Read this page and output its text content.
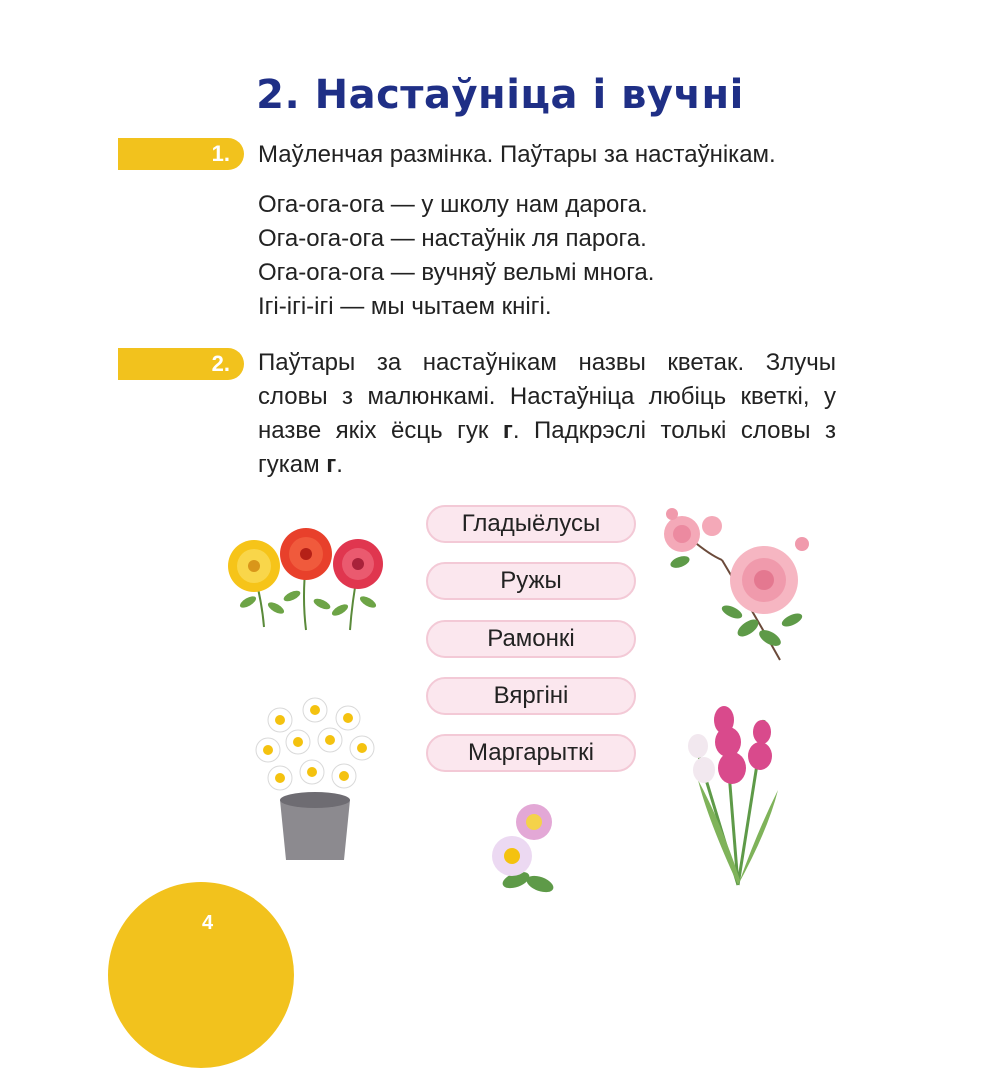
2. Настаўніца і вучні
1. Маўленчая размінка. Паўтары за настаўнікам.
Ога-ога-ога — у школу нам дарога.
Ога-ога-ога — настаўнік ля парога.
Ога-ога-ога — вучняў вельмі многа.
Ігі-ігі-ігі — мы чытаем кнігі.
2. Паўтары за настаўнікам назвы кветак. Злучы словы з малюнкамі. Настаўніца любіць кветкі, у назве якіх ёсць гук г. Падкрэслі толькі словы з гукам г.
Гладыёлусы
Ружы
Рамонкі
Вяргіні
Маргарыткі
4
